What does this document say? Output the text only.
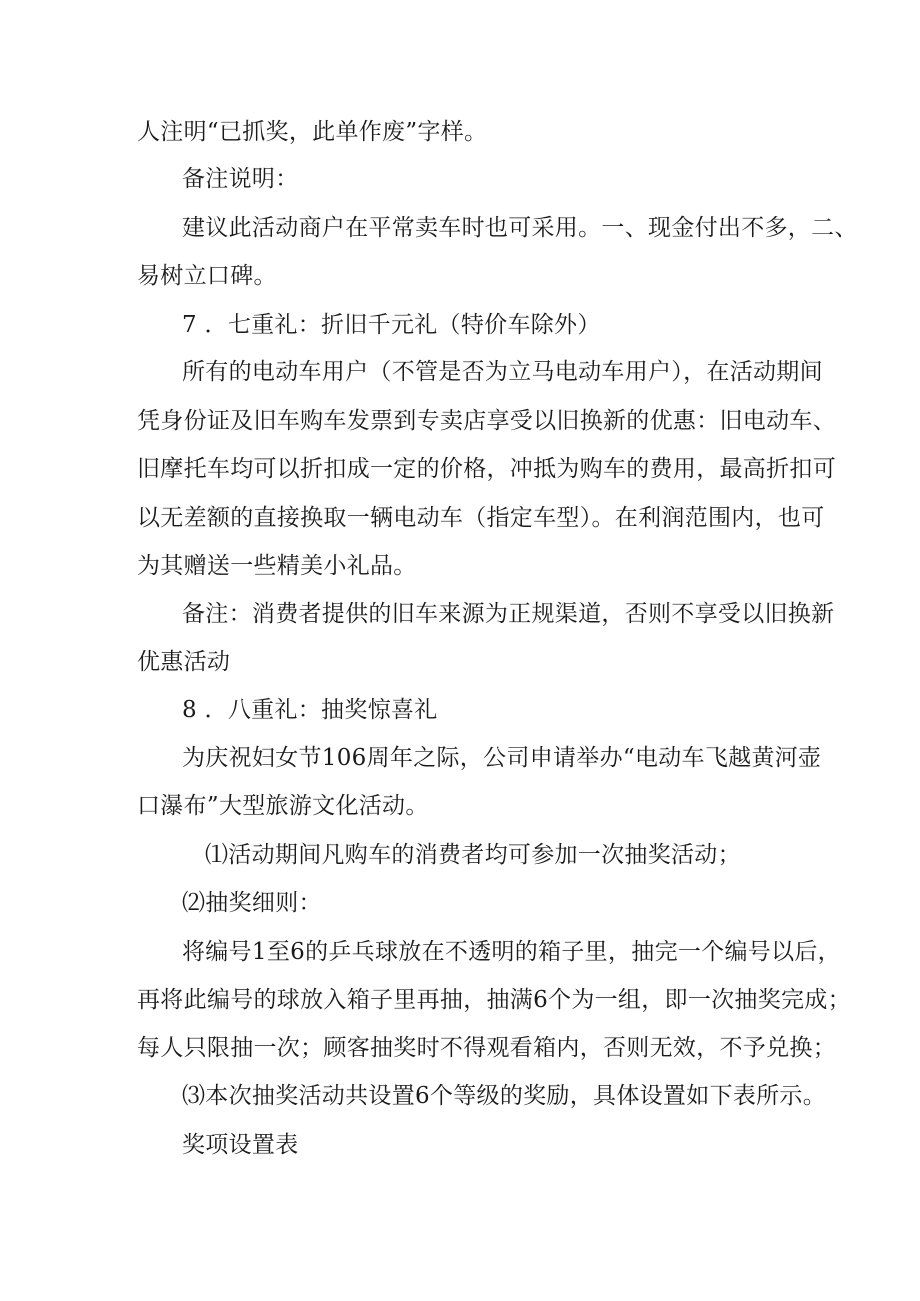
人注明“已抓奖，此单作废”字样。
备注说明：
建议此活动商户在平常卖车时也可采用。一、现金付出不多，二、
易树立口碑。
7 ．七重礼：折旧千元礼（特价车除外）
所有的电动车用户（不管是否为立马电动车用户），在活动期间
凭身份证及旧车购车发票到专卖店享受以旧换新的优惠：旧电动车、
旧摩托车均可以折扣成一定的价格，冲抵为购车的费用，最高折扣可
以无差额的直接换取一辆电动车（指定车型）。在利润范围内，也可
为其赠送一些精美小礼品。
备注：消费者提供的旧车来源为正规渠道，否则不享受以旧换新
优惠活动
8 ．八重礼：抽奖惊喜礼
为庆祝妇女节106周年之际，公司申请举办“电动车飞越黄河壶
口瀑布”大型旅游文化活动。
⑴活动期间凡购车的消费者均可参加一次抽奖活动；
⑵抽奖细则：
将编号1至6的乒乓球放在不透明的箱子里，抽完一个编号以后，
再将此编号的球放入箱子里再抽，抽满6个为一组，即一次抽奖完成；
每人只限抽一次；顾客抽奖时不得观看箱内，否则无效，不予兑换；
⑶本次抽奖活动共设置6个等级的奖励，具体设置如下表所示。
奖项设置表
